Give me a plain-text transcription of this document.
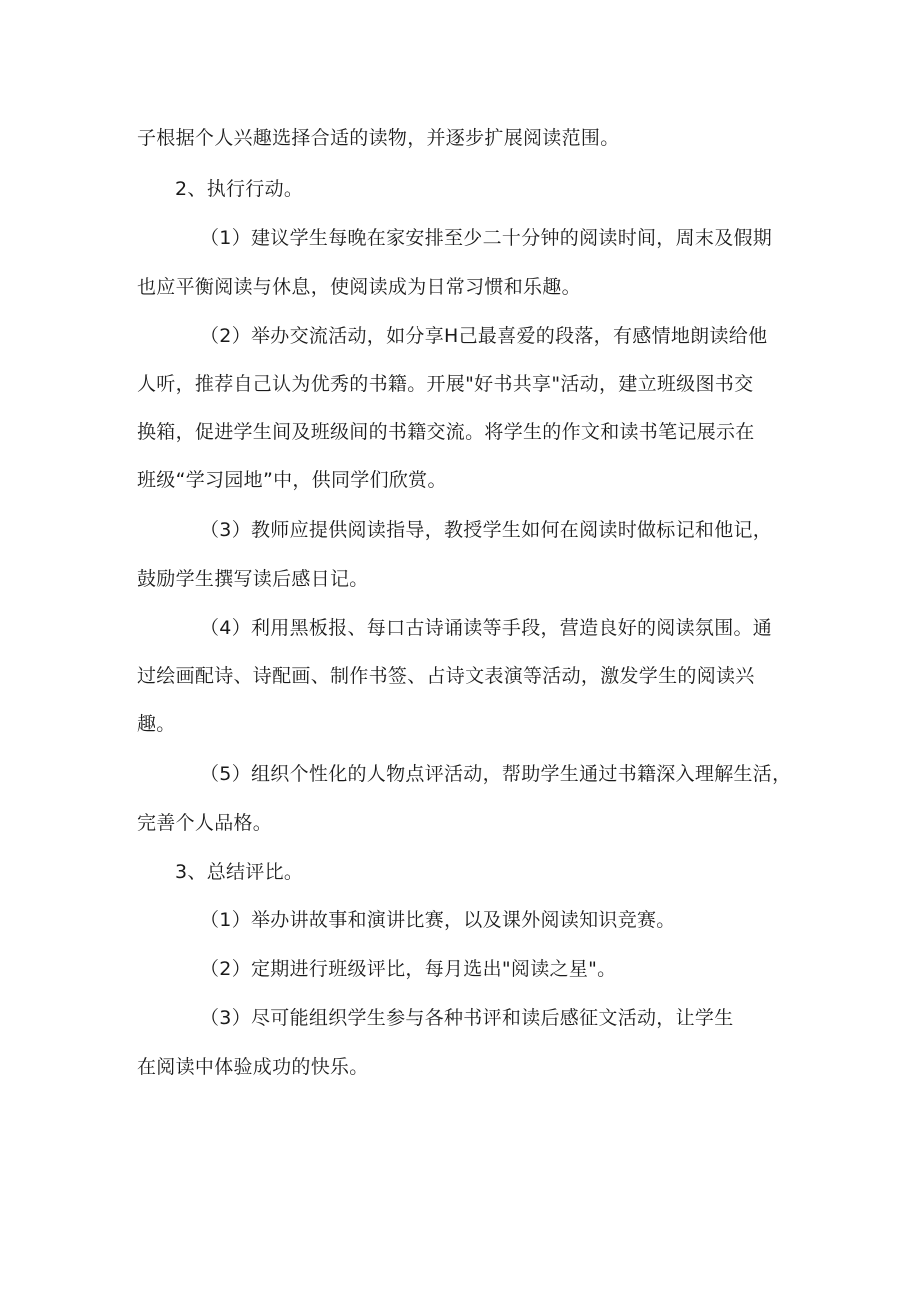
子根据个人兴趣选择合适的读物，并逐步扩展阅读范围。
2、执行行动。
（1）建议学生每晚在家安排至少二十分钟的阅读时间，周末及假期
也应平衡阅读与休息，使阅读成为日常习惯和乐趣。
（2）举办交流活动，如分享H己最喜爱的段落，有感情地朗读给他
人听，推荐自己认为优秀的书籍。开展"好书共享"活动，建立班级图书交
换箱，促进学生间及班级间的书籍交流。将学生的作文和读书笔记展示在
班级“学习园地”中，供同学们欣赏。
（3）教师应提供阅读指导，教授学生如何在阅读时做标记和他记，
鼓励学生撰写读后感日记。
（4）利用黑板报、每口古诗诵读等手段，营造良好的阅读氛围。通
过绘画配诗、诗配画、制作书签、占诗文表演等活动，激发学生的阅读兴
趣。
（5）组织个性化的人物点评活动，帮助学生通过书籍深入理解生活，
完善个人品格。
3、总结评比。
（1）举办讲故事和演讲比赛，以及课外阅读知识竞赛。
（2）定期进行班级评比，每月选出"阅读之星"。
（3）尽可能组织学生参与各种书评和读后感征文活动，让学生
在阅读中体验成功的快乐。
